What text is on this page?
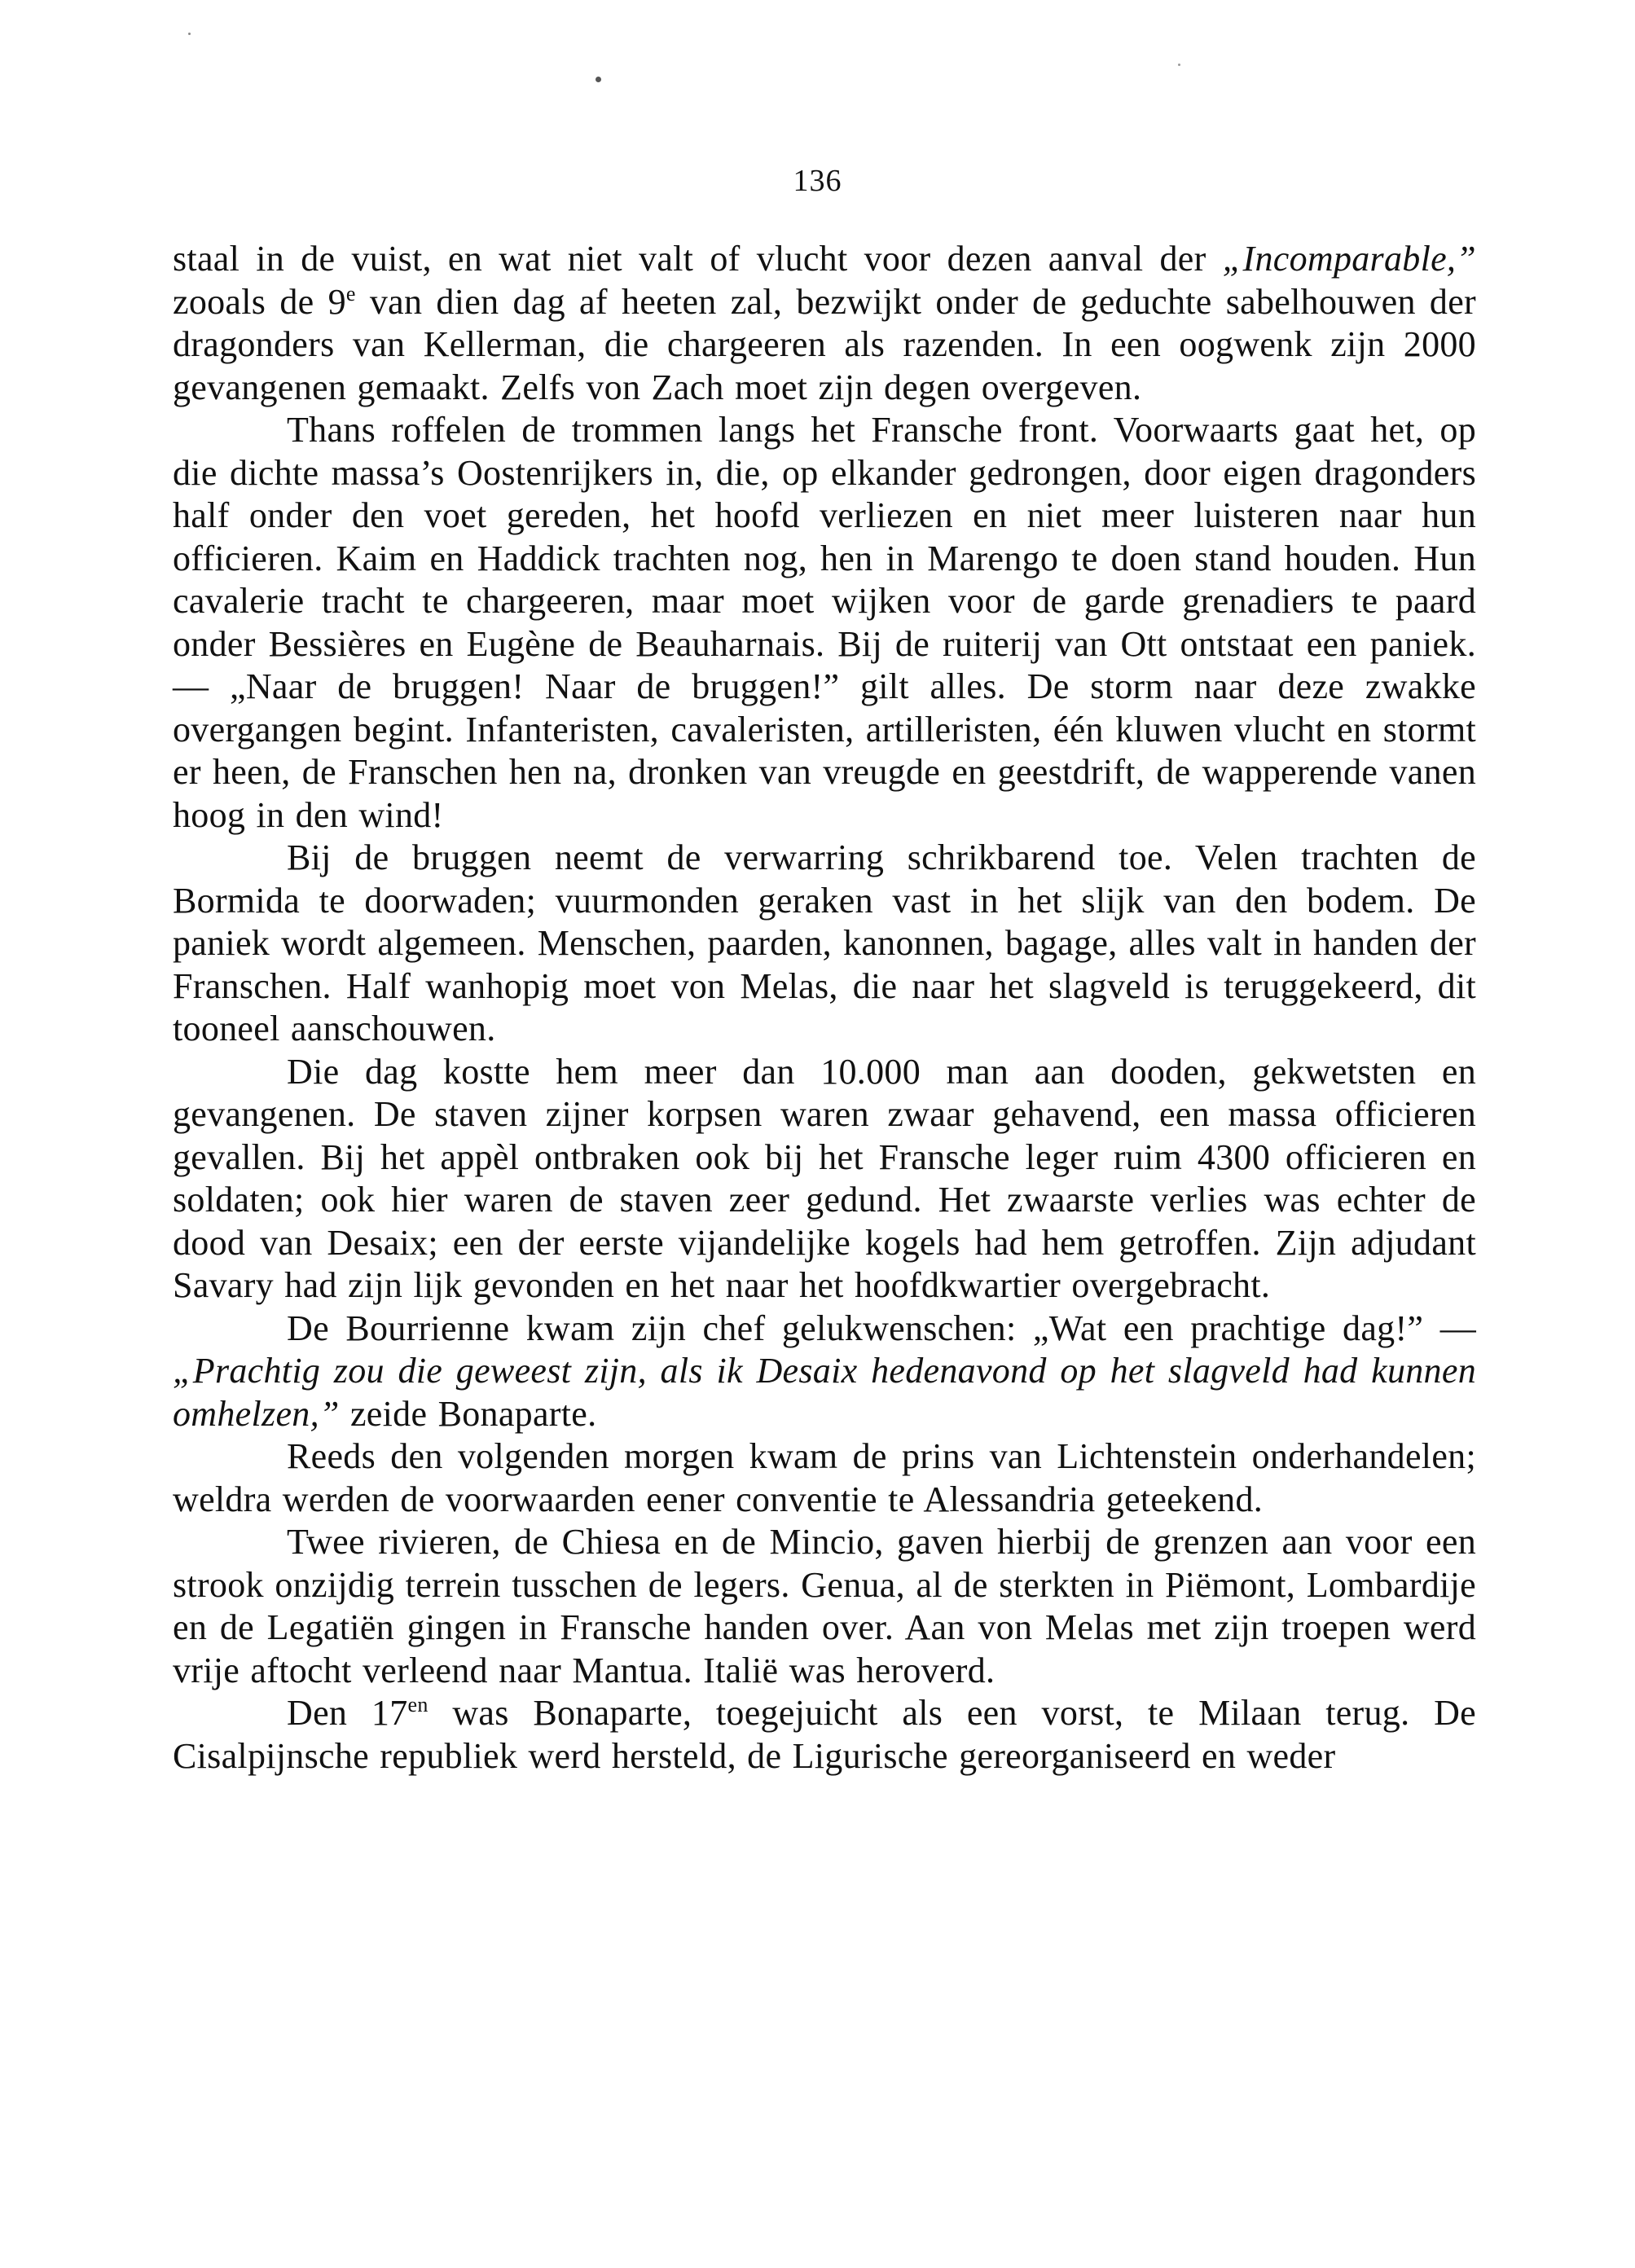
136

staal in de vuist, en wat niet valt of vlucht voor dezen aanval der „Incomparable,” zooals de 9e van dien dag af heeten zal, bezwijkt onder de geduchte sabelhouwen der dragonders van Kellerman, die chargeeren als razenden. In een oogwenk zijn 2000 gevangenen gemaakt. Zelfs von Zach moet zijn degen overgeven.

Thans roffelen de trommen langs het Fransche front. Voorwaarts gaat het, op die dichte massa’s Oostenrijkers in, die, op elkander gedrongen, door eigen dragonders half onder den voet gereden, het hoofd verliezen en niet meer luisteren naar hun officieren. Kaim en Haddick trachten nog, hen in Marengo te doen stand houden. Hun cavalerie tracht te chargeeren, maar moet wijken voor de garde grenadiers te paard onder Bessières en Eugène de Beauharnais. Bij de ruiterij van Ott ontstaat een paniek. — „Naar de bruggen! Naar de bruggen!” gilt alles. De storm naar deze zwakke overgangen begint. Infanteristen, cavaleristen, artilleristen, één kluwen vlucht en stormt er heen, de Franschen hen na, dronken van vreugde en geestdrift, de wapperende vanen hoog in den wind!

Bij de bruggen neemt de verwarring schrikbarend toe. Velen trachten de Bormida te doorwaden; vuurmonden geraken vast in het slijk van den bodem. De paniek wordt algemeen. Menschen, paarden, kanonnen, bagage, alles valt in handen der Franschen. Half wanhopig moet von Melas, die naar het slagveld is teruggekeerd, dit tooneel aanschouwen.

Die dag kostte hem meer dan 10.000 man aan dooden, gekwetsten en gevangenen. De staven zijner korpsen waren zwaar gehavend, een massa officieren gevallen. Bij het appèl ontbraken ook bij het Fransche leger ruim 4300 officieren en soldaten; ook hier waren de staven zeer gedund. Het zwaarste verlies was echter de dood van Desaix; een der eerste vijandelijke kogels had hem getroffen. Zijn adjudant Savary had zijn lijk gevonden en het naar het hoofdkwartier overgebracht.

De Bourrienne kwam zijn chef gelukwenschen: „Wat een prachtige dag!” — „Prachtig zou die geweest zijn, als ik Desaix hedenavond op het slagveld had kunnen omhelzen,” zeide Bonaparte.

Reeds den volgenden morgen kwam de prins van Lichtenstein onderhandelen; weldra werden de voorwaarden eener conventie te Alessandria geteekend.

Twee rivieren, de Chiesa en de Mincio, gaven hierbij de grenzen aan voor een strook onzijdig terrein tusschen de legers. Genua, al de sterkten in Piëmont, Lombardije en de Legatiën gingen in Fransche handen over. Aan von Melas met zijn troepen werd vrije aftocht verleend naar Mantua. Italië was heroverd.

Den $17^{en}$ was Bonaparte, toegejuicht als een vorst, te Milaan terug. De Cisalpijnsche republiek werd hersteld, de Ligurische gereorganiseerd en weder
